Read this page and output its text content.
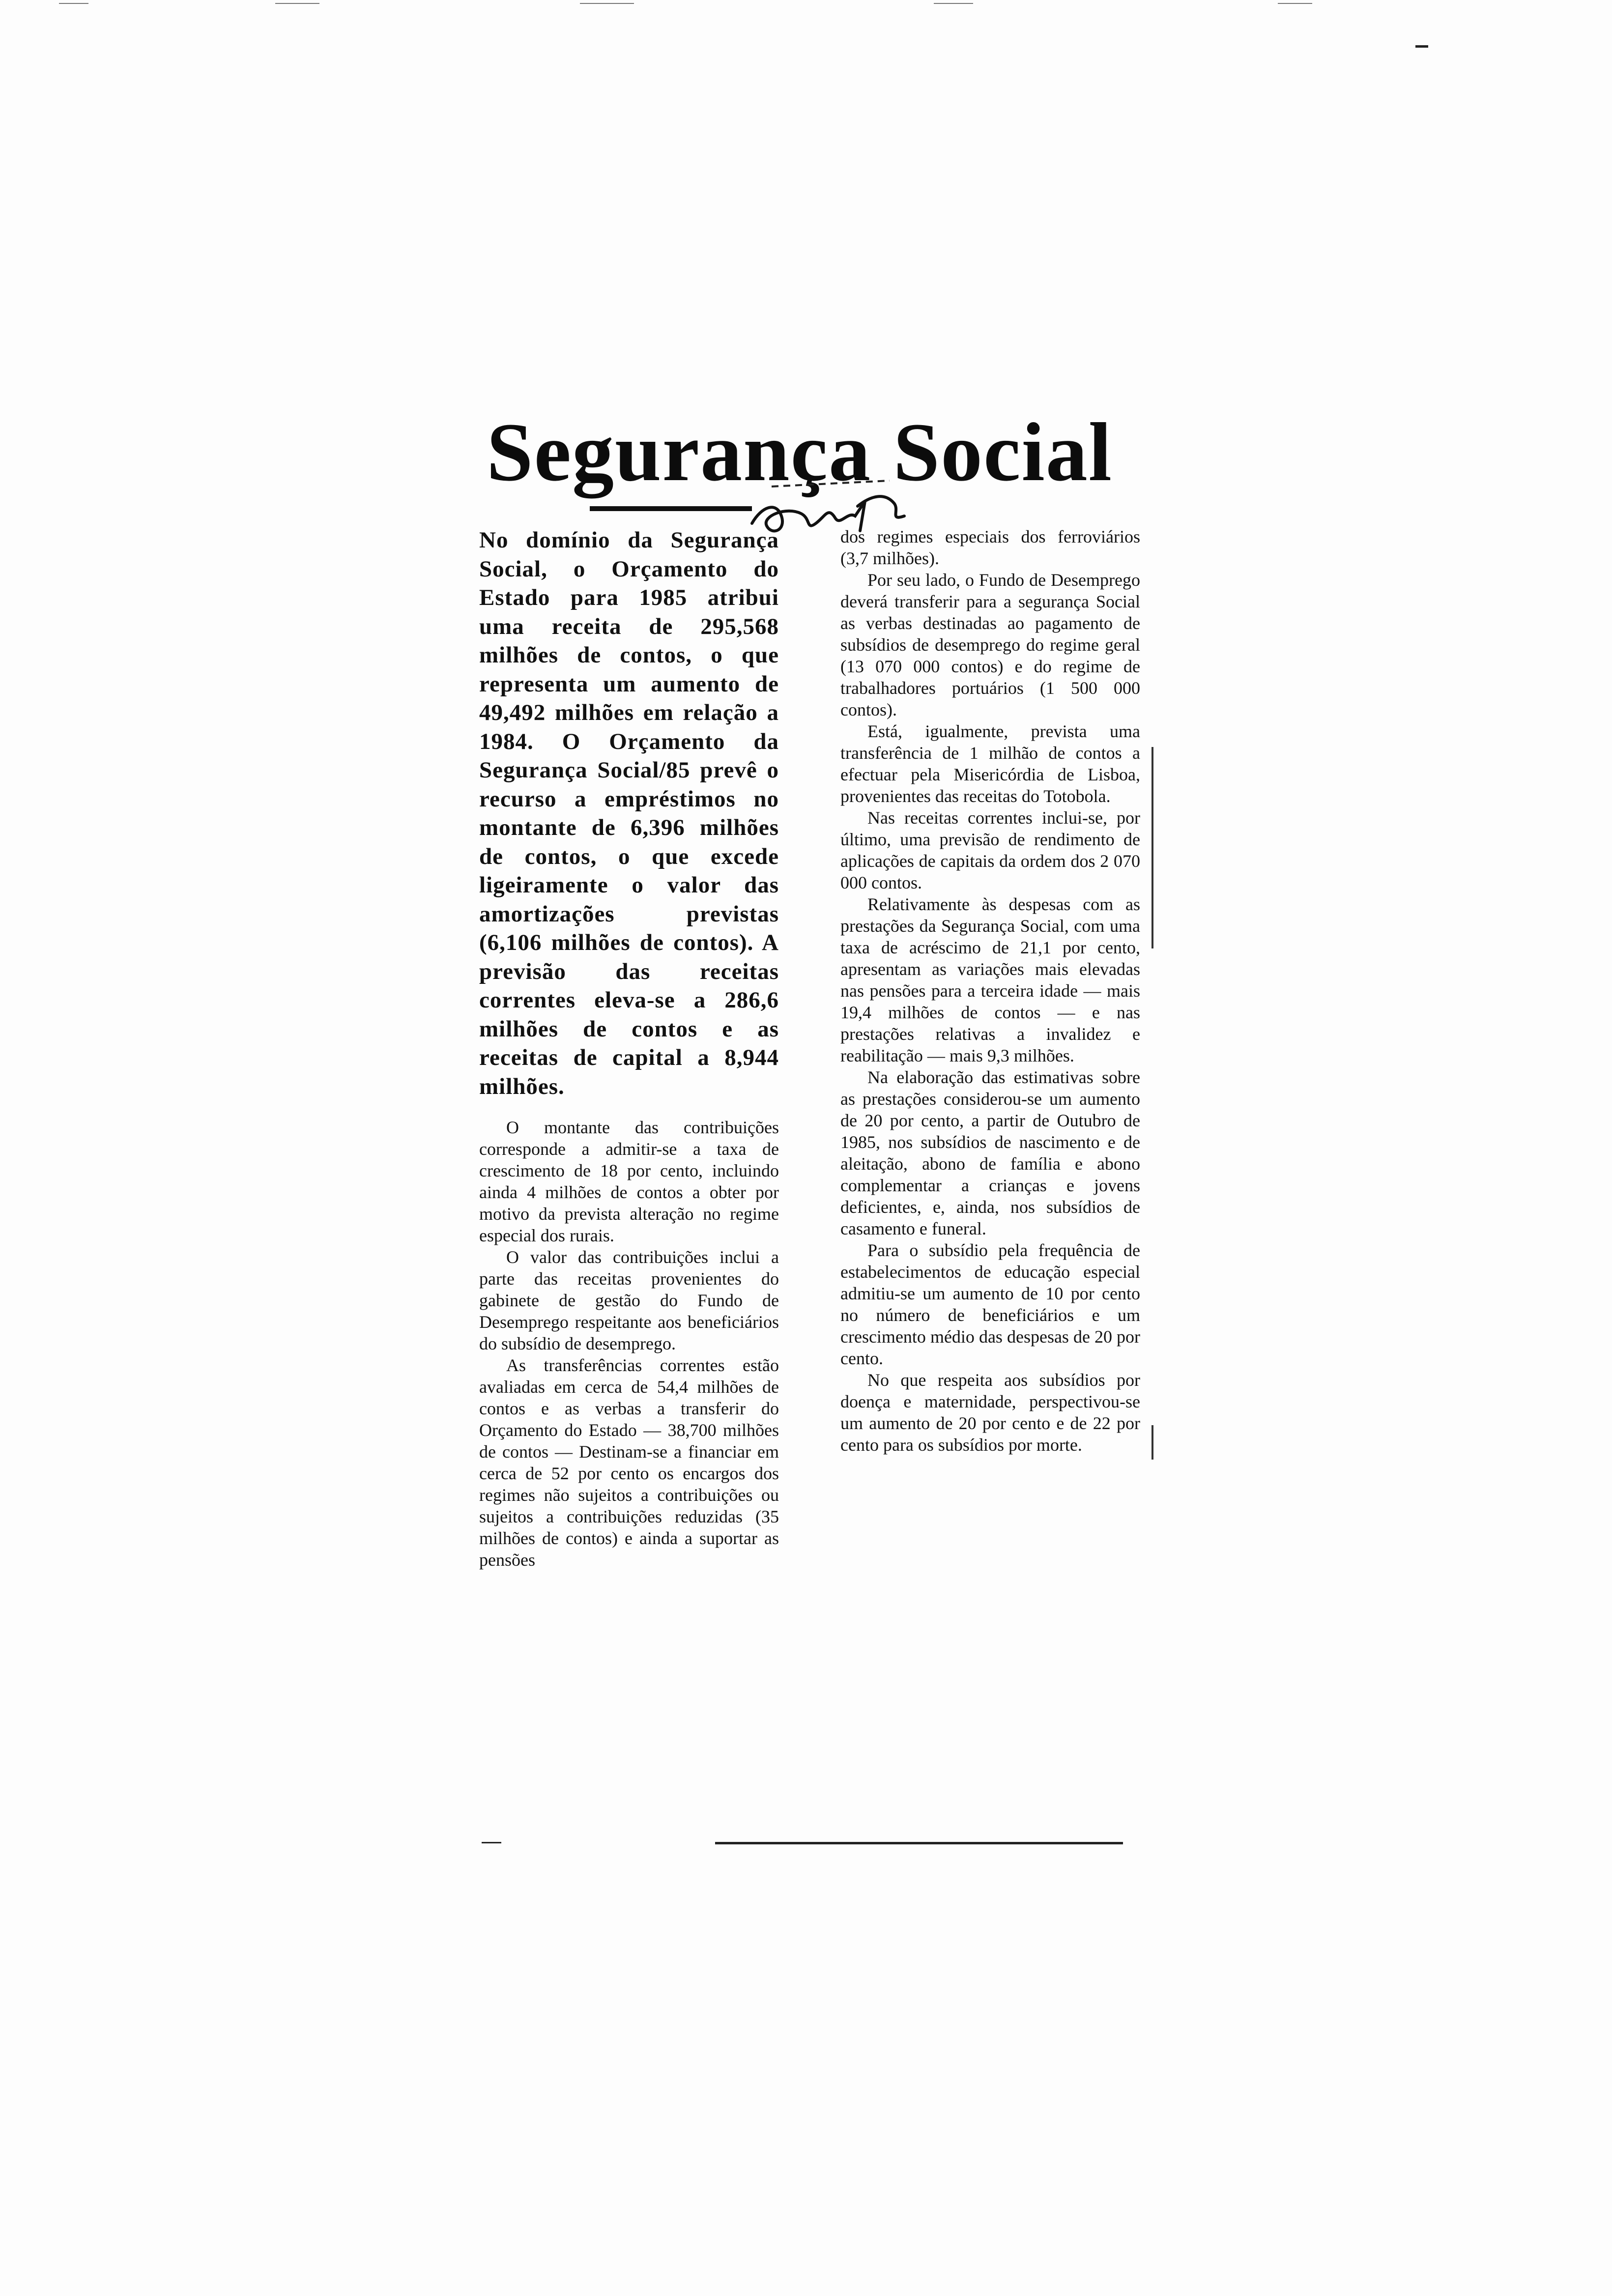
Segurança Social

No domínio da Segurança Social, o Orçamento do Estado para 1985 atribui uma receita de 295,568 milhões de contos, o que representa um aumento de 49,492 milhões em relação a 1984. O Orçamento da Segurança Social/85 prevê o recurso a empréstimos no montante de 6,396 milhões de contos, o que excede ligeiramente o valor das amortizações previstas (6,106 milhões de contos). A previsão das receitas correntes eleva-se a 286,6 milhões de contos e as receitas de capital a 8,944 milhões.

O montante das contribuições corresponde a admitir-se a taxa de crescimento de 18 por cento, incluindo ainda 4 milhões de contos a obter por motivo da prevista alteração no regime especial dos rurais.

O valor das contribuições inclui a parte das receitas provenientes do gabinete de gestão do Fundo de Desemprego respeitante aos beneficiários do subsídio de desemprego.

As transferências correntes estão avaliadas em cerca de 54,4 milhões de contos e as verbas a transferir do Orçamento do Estado — 38,700 milhões de contos — Destinam-se a financiar em cerca de 52 por cento os encargos dos regimes não sujeitos a contribuições ou sujeitos a contribuições reduzidas (35 milhões de contos) e ainda a suportar as pensões

dos regimes especiais dos ferroviários (3,7 milhões).

Por seu lado, o Fundo de Desemprego deverá transferir para a segurança Social as verbas destinadas ao pagamento de subsídios de desemprego do regime geral (13 070 000 contos) e do regime de trabalhadores portuários (1 500 000 contos).

Está, igualmente, prevista uma transferência de 1 milhão de contos a efectuar pela Misericórdia de Lisboa, provenientes das receitas do Totobola.

Nas receitas correntes inclui-se, por último, uma previsão de rendimento de aplicações de capitais da ordem dos 2 070 000 contos.

Relativamente às despesas com as prestações da Segurança Social, com uma taxa de acréscimo de 21,1 por cento, apresentam as variações mais elevadas nas pensões para a terceira idade — mais 19,4 milhões de contos — e nas prestações relativas a invalidez e reabilitação — mais 9,3 milhões.

Na elaboração das estimativas sobre as prestações considerou-se um aumento de 20 por cento, a partir de Outubro de 1985, nos subsídios de nascimento e de aleitação, abono de família e abono complementar a crianças e jovens deficientes, e, ainda, nos subsídios de casamento e funeral.

Para o subsídio pela frequência de estabelecimentos de educação especial admitiu-se um aumento de 10 por cento no número de beneficiários e um crescimento médio das despesas de 20 por cento.

No que respeita aos subsídios por doença e maternidade, perspectivou-se um aumento de 20 por cento e de 22 por cento para os subsídios por morte.
